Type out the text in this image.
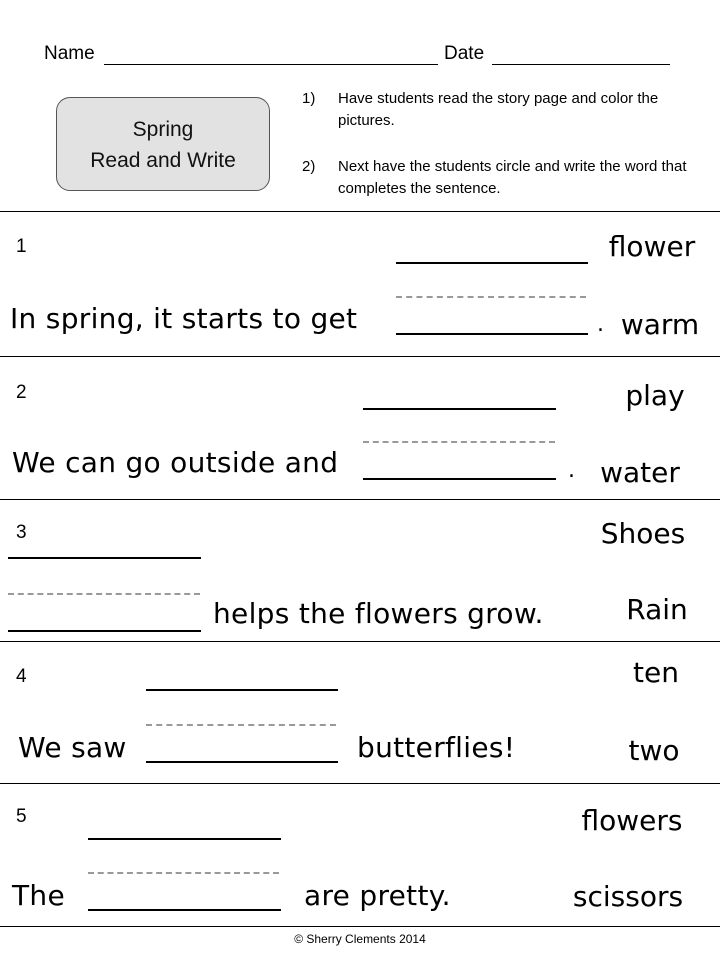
Name	Date
Spring
Read and Write
1) Have students read the story page and color the pictures.
2) Next have the students circle and write the word that completes the sentence.
1
In spring, it starts to get	.
flower
warm
2
We can go outside and	.
play
water
3
helps the flowers grow.
Shoes
Rain
4
We saw	butterflies!
ten
two
5
The	are pretty.
flowers
scissors
© Sherry Clements 2014
